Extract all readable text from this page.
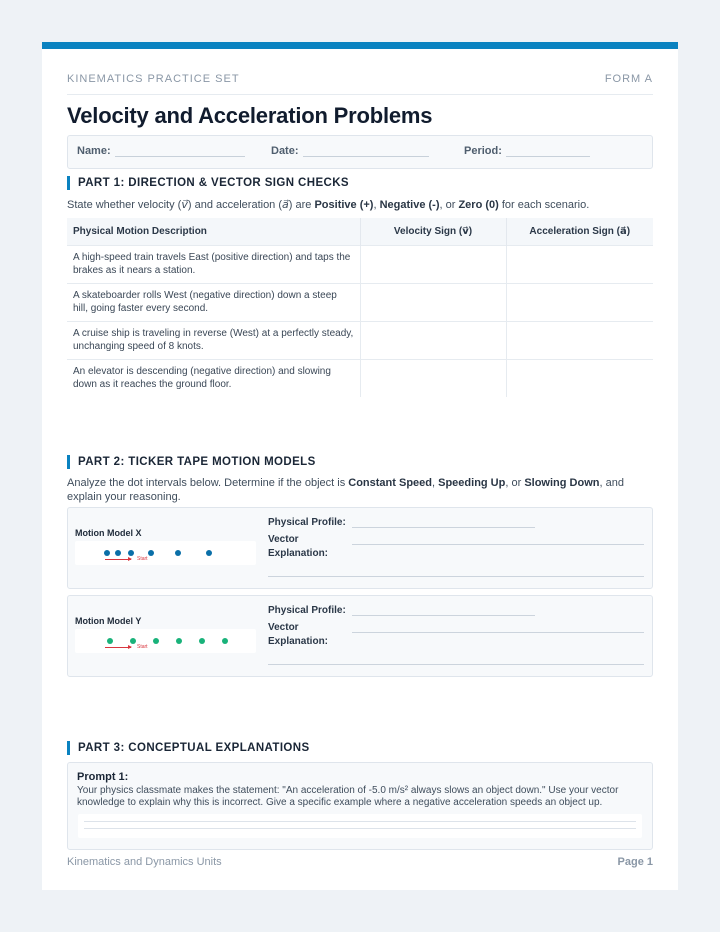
KINEMATICS PRACTICE SET	FORM A
Velocity and Acceleration Problems
Name:	Date:	Period:
PART 1: DIRECTION & VECTOR SIGN CHECKS
State whether velocity (v⃗) and acceleration (a⃗) are Positive (+), Negative (-), or Zero (0) for each scenario.
Physical Motion Description	Velocity Sign (v⃗)	Acceleration Sign (a⃗)
A high-speed train travels East (positive direction) and taps the brakes as it nears a station.		
A skateboarder rolls West (negative direction) down a steep hill, going faster every second.		
A cruise ship is traveling in reverse (West) at a perfectly steady, unchanging speed of 8 knots.		
An elevator is descending (negative direction) and slowing down as it reaches the ground floor.		
PART 2: TICKER TAPE MOTION MODELS
Analyze the dot intervals below. Determine if the object is Constant Speed, Speeding Up, or Slowing Down, and explain your reasoning.
Motion Model X
Start
Physical Profile:
Vector
Explanation:
Motion Model Y
Start
Physical Profile:
Vector
Explanation:
PART 3: CONCEPTUAL EXPLANATIONS
Prompt 1:
Your physics classmate makes the statement: "An acceleration of -5.0 m/s² always slows an object down." Use your vector knowledge to explain why this is incorrect. Give a specific example where a negative acceleration speeds an object up.
Kinematics and Dynamics Units	Page 1
